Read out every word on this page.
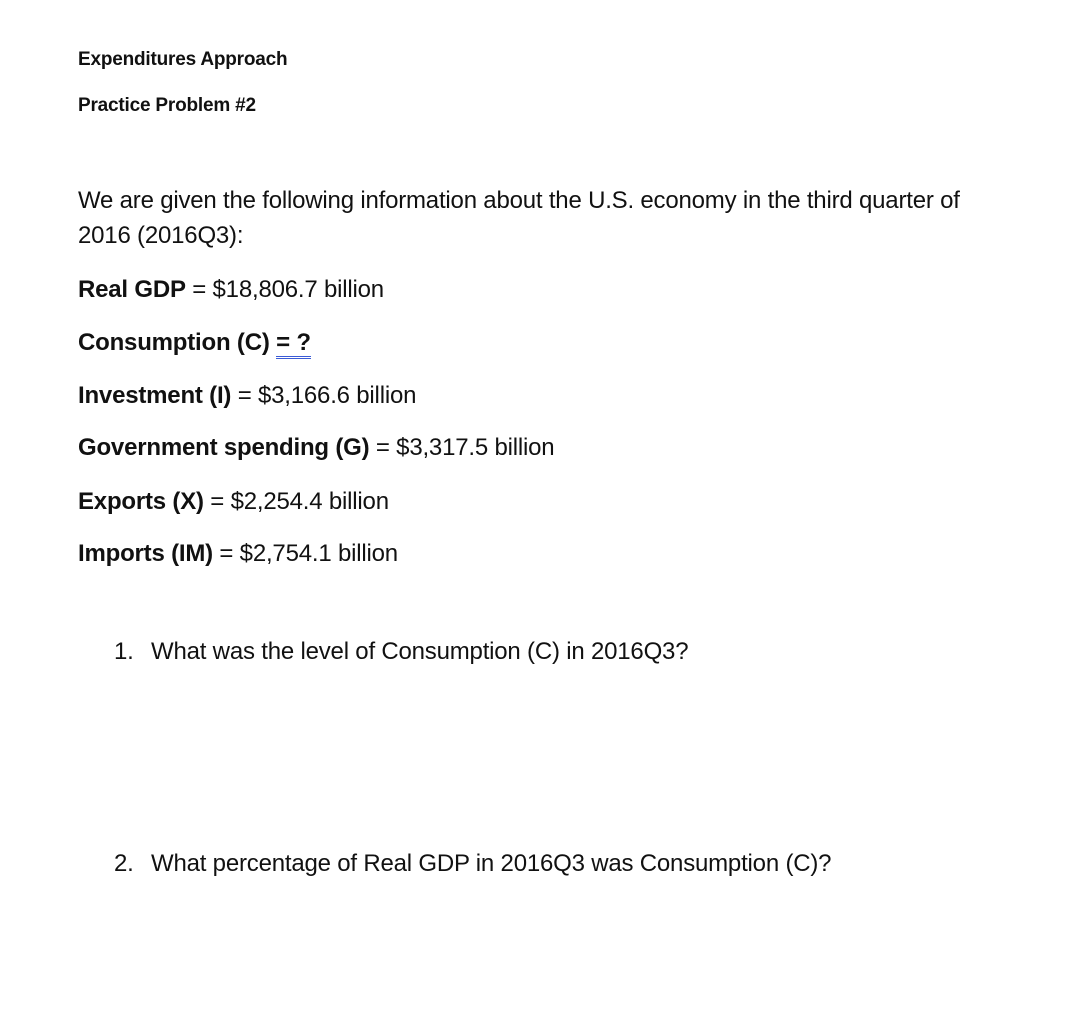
Expenditures Approach
Practice Problem #2
We are given the following information about the U.S. economy in the third quarter of 2016 (2016Q3):
Real GDP = $18,806.7 billion
Consumption (C) = ?
Investment (I) = $3,166.6 billion
Government spending (G) = $3,317.5 billion
Exports (X) = $2,254.4 billion
Imports (IM) = $2,754.1 billion
1. What was the level of Consumption (C) in 2016Q3?
2. What percentage of Real GDP in 2016Q3 was Consumption (C)?
